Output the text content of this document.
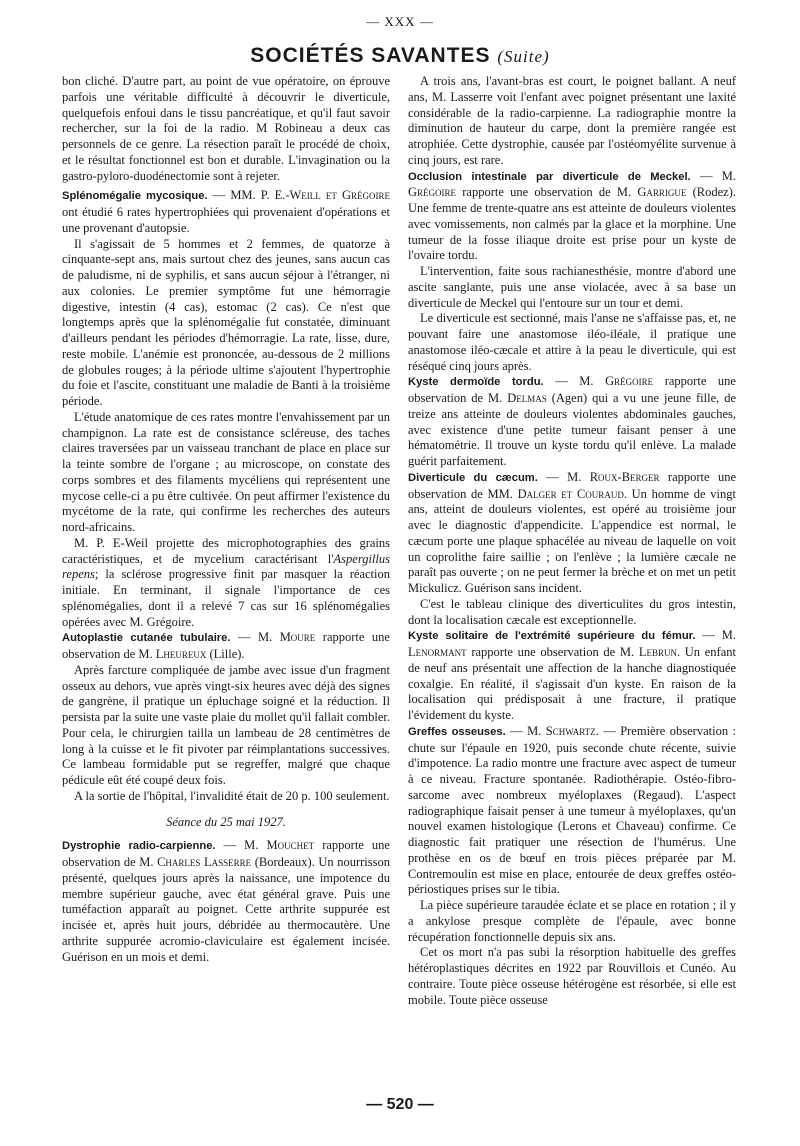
— XXX —
SOCIÉTÉS SAVANTES (Suite)

bon cliché. D'autre part, au point de vue opératoire, on éprouve parfois une véritable difficulté à découvrir le diverticule, quelquefois enfoui dans le tissu pancréatique, et qu'il faut savoir rechercher, sur la foi de la radio. M Robineau a deux cas personnels de ce genre. La résection paraît le procédé de choix, et le résultat fonctionnel est bon et durable. L'invagination ou la gastro-pyloro-duodénectomie sont à rejeter.

Splénomégalie mycosique. — MM. P. E.-Weill et Grégoire ont étudié 6 rates hypertrophiées qui provenaient d'opérations et une provenant d'autopsie.

Il s'agissait de 5 hommes et 2 femmes, de quatorze à cinquante-sept ans, mais surtout chez des jeunes, sans aucun cas de paludisme, ni de syphilis, et sans aucun séjour à l'étranger, ni aux colonies. Le premier symptôme fut une hémorragie digestive, intestin (4 cas), estomac (2 cas). Ce n'est que longtemps après que la splénomégalie fut constatée, diminuant d'ailleurs pendant les périodes d'hémorragie. La rate, lisse, dure, reste mobile. L'anémie est prononcée, au-dessous de 2 millions de globules rouges; à la période ultime s'ajoutent l'hypertrophie du foie et l'ascite, constituant une maladie de Banti à la troisième période.

L'étude anatomique de ces rates montre l'envahissement par un champignon. La rate est de consistance scléreuse, des taches claires traversées par un vaisseau tranchant de place en place sur la teinte sombre de l'organe ; au microscope, on constate des corps sombres et des filaments mycéliens qui représentent une mycose celle-ci a pu être cultivée. On peut affirmer l'existence du mycétome de la rate, qui confirme les recherches des auteurs nord-africains.

M. P. E-Weil projette des microphotographies des grains caractéristiques, et de mycelium caractérisant l'Aspergillus repens; la sclérose progressive finit par masquer la réaction initiale. En terminant, il signale l'importance de ces splénomégalies, dont il a relevé 7 cas sur 16 splénomégalies opérées avec M. Grégoire.

Autoplastie cutanée tubulaire. — M. Moure rapporte une observation de M. Lheureux (Lille).

Après farcture compliquée de jambe avec issue d'un fragment osseux au dehors, vue après vingt-six heures avec déjà des signes de gangrène, il pratique un épluchage soigné et la réduction. Il persista par la suite une vaste plaie du mollet qu'il fallait combler. Pour cela, le chirurgien tailla un lambeau de 28 centimètres de long à la cuisse et le fit pivoter par réimplantations successives. Ce lambeau formidable put se regreffer, malgré que chaque pédicule eût été coupé deux fois.

A la sortie de l'hôpital, l'invalidité était de 20 p. 100 seulement.

Séance du 25 mai 1927.

Dystrophie radio-carpienne. — M. Mouchet rapporte une observation de M. Charles Lasserre (Bordeaux). Un nourrisson présenté, quelques jours après la naissance, une impotence du membre supérieur gauche, avec état général grave. Puis une tuméfaction apparaît au poignet. Cette arthrite suppurée est incisée et, après huit jours, débridée au thermocautère. Une arthrite suppurée acromio-claviculaire est également incisée. Guérison en un mois et demi.

A trois ans, l'avant-bras est court, le poignet ballant. A neuf ans, M. Lasserre voit l'enfant avec poignet présentant une laxité considérable de la radio-carpienne. La radiographie montre la diminution de hauteur du carpe, dont la première rangée est atrophiée. Cette dystrophie, causée par l'ostéomyélite survenue à cinq jours, est rare.

Occlusion intestinale par diverticule de Meckel. — M. Grégoire rapporte une observation de M. Garrigue (Rodez). Une femme de trente-quatre ans est atteinte de douleurs violentes avec vomissements, non calmés par la glace et la morphine. Une tumeur de la fosse iliaque droite est prise pour un kyste de l'ovaire tordu.

L'intervention, faite sous rachianesthésie, montre d'abord une ascite sanglante, puis une anse violacée, avec à sa base un diverticule de Meckel qui l'entoure sur un tour et demi.

Le diverticule est sectionné, mais l'anse ne s'affaisse pas, et, ne pouvant faire une anastomose iléo-iléale, il pratique une anastomose iléo-cæcale et attire à la peau le diverticule, qui est réséqué cinq jours après.

Kyste dermoïde tordu. — M. Grégoire rapporte une observation de M. Delmas (Agen) qui a vu une jeune fille, de treize ans atteinte de douleurs violentes abdominales gauches, avec existence d'une petite tumeur faisant penser à une hématométrie. Il trouve un kyste tordu qu'il enlève. La malade guérit parfaitement.

Diverticule du cæcum. — M. Roux-Berger rapporte une observation de MM. Dalger et Couraud. Un homme de vingt ans, atteint de douleurs violentes, est opéré au troisième jour avec le diagnostic d'appendicite. L'appendice est normal, le cæcum porte une plaque sphacélée au niveau de laquelle on voit un coprolithe faire saillie ; on l'enlève ; la lumière cæcale ne paraît pas ouverte ; on ne peut fermer la brèche et on met un petit Mickulicz. Guérison sans incident.

C'est le tableau clinique des diverticulites du gros intestin, dont la localisation cæcale est exceptionnelle.

Kyste solitaire de l'extrémité supérieure du fémur. — M. Lenormant rapporte une observation de M. Lebrun. Un enfant de neuf ans présentait une affection de la hanche diagnostiquée coxalgie. En réalité, il s'agissait d'un kyste. En raison de la localisation qui prédisposait à une fracture, il pratique l'évidement du kyste.

Greffes osseuses. — M. Schwartz. — Première observation : chute sur l'épaule en 1920, puis seconde chute récente, suivie d'impotence. La radio montre une fracture avec aspect de tumeur à ce niveau. Fracture spontanée. Radiothérapie. Ostéo-fibro-sarcome avec nombreux myéloplaxes (Regaud). L'aspect radiographique faisait penser à une tumeur à myéloplaxes, qu'un nouvel examen histologique (Lerons et Chaveau) confirme. Ce diagnostic fait pratiquer une résection de l'humérus. Une prothèse en os de bœuf en trois pièces préparée par M. Contremoulin est mise en place, entourée de deux greffes ostéo-périostiques prises sur le tibia.

La pièce supérieure taraudée éclate et se place en rotation ; il y a ankylose presque complète de l'épaule, avec bonne récupération fonctionnelle depuis six ans.

Cet os mort n'a pas subi la résorption habituelle des greffes hétéroplastiques décrites en 1922 par Rouvillois et Cunéo. Au contraire. Toute pièce osseuse hétérogène est résorbée, si elle est mobile. Toute pièce osseuse

— 520 —
